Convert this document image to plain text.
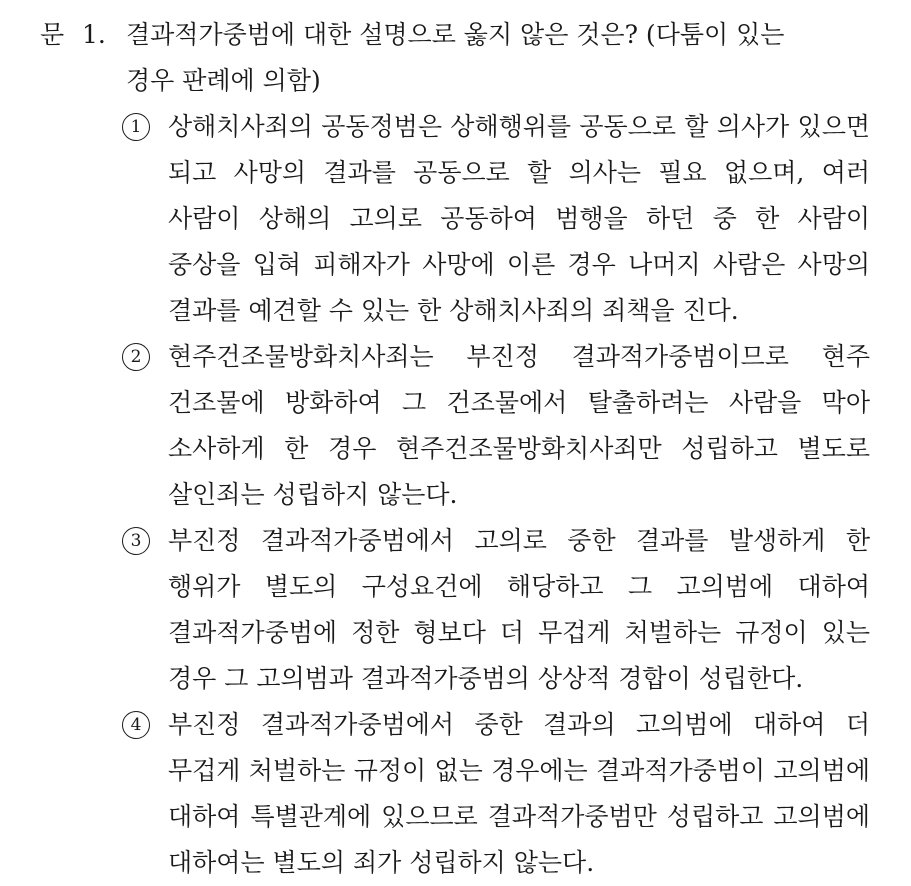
문 1. 결과적가중범에 대한 설명으로 옳지 않은 것은? (다툼이 있는
경우 판례에 의함)
1	상해치사죄의 공동정범은 상해행위를 공동으로 할 의사가 있으면
되고 사망의 결과를 공동으로 할 의사는 필요 없으며, 여러
사람이 상해의 고의로 공동하여 범행을 하던 중 한 사람이
중상을 입혀 피해자가 사망에 이른 경우 나머지 사람은 사망의
결과를 예견할 수 있는 한 상해치사죄의 죄책을 진다.
2	현주건조물방화치사죄는 부진정 결과적가중범이므로 현주
건조물에 방화하여 그 건조물에서 탈출하려는 사람을 막아
소사하게 한 경우 현주건조물방화치사죄만 성립하고 별도로
살인죄는 성립하지 않는다.
3	부진정 결과적가중범에서 고의로 중한 결과를 발생하게 한
행위가 별도의 구성요건에 해당하고 그 고의범에 대하여
결과적가중범에 정한 형보다 더 무겁게 처벌하는 규정이 있는
경우 그 고의범과 결과적가중범의 상상적 경합이 성립한다.
4	부진정 결과적가중범에서 중한 결과의 고의범에 대하여 더
무겁게 처벌하는 규정이 없는 경우에는 결과적가중범이 고의범에
대하여 특별관계에 있으므로 결과적가중범만 성립하고 고의범에
대하여는 별도의 죄가 성립하지 않는다.
